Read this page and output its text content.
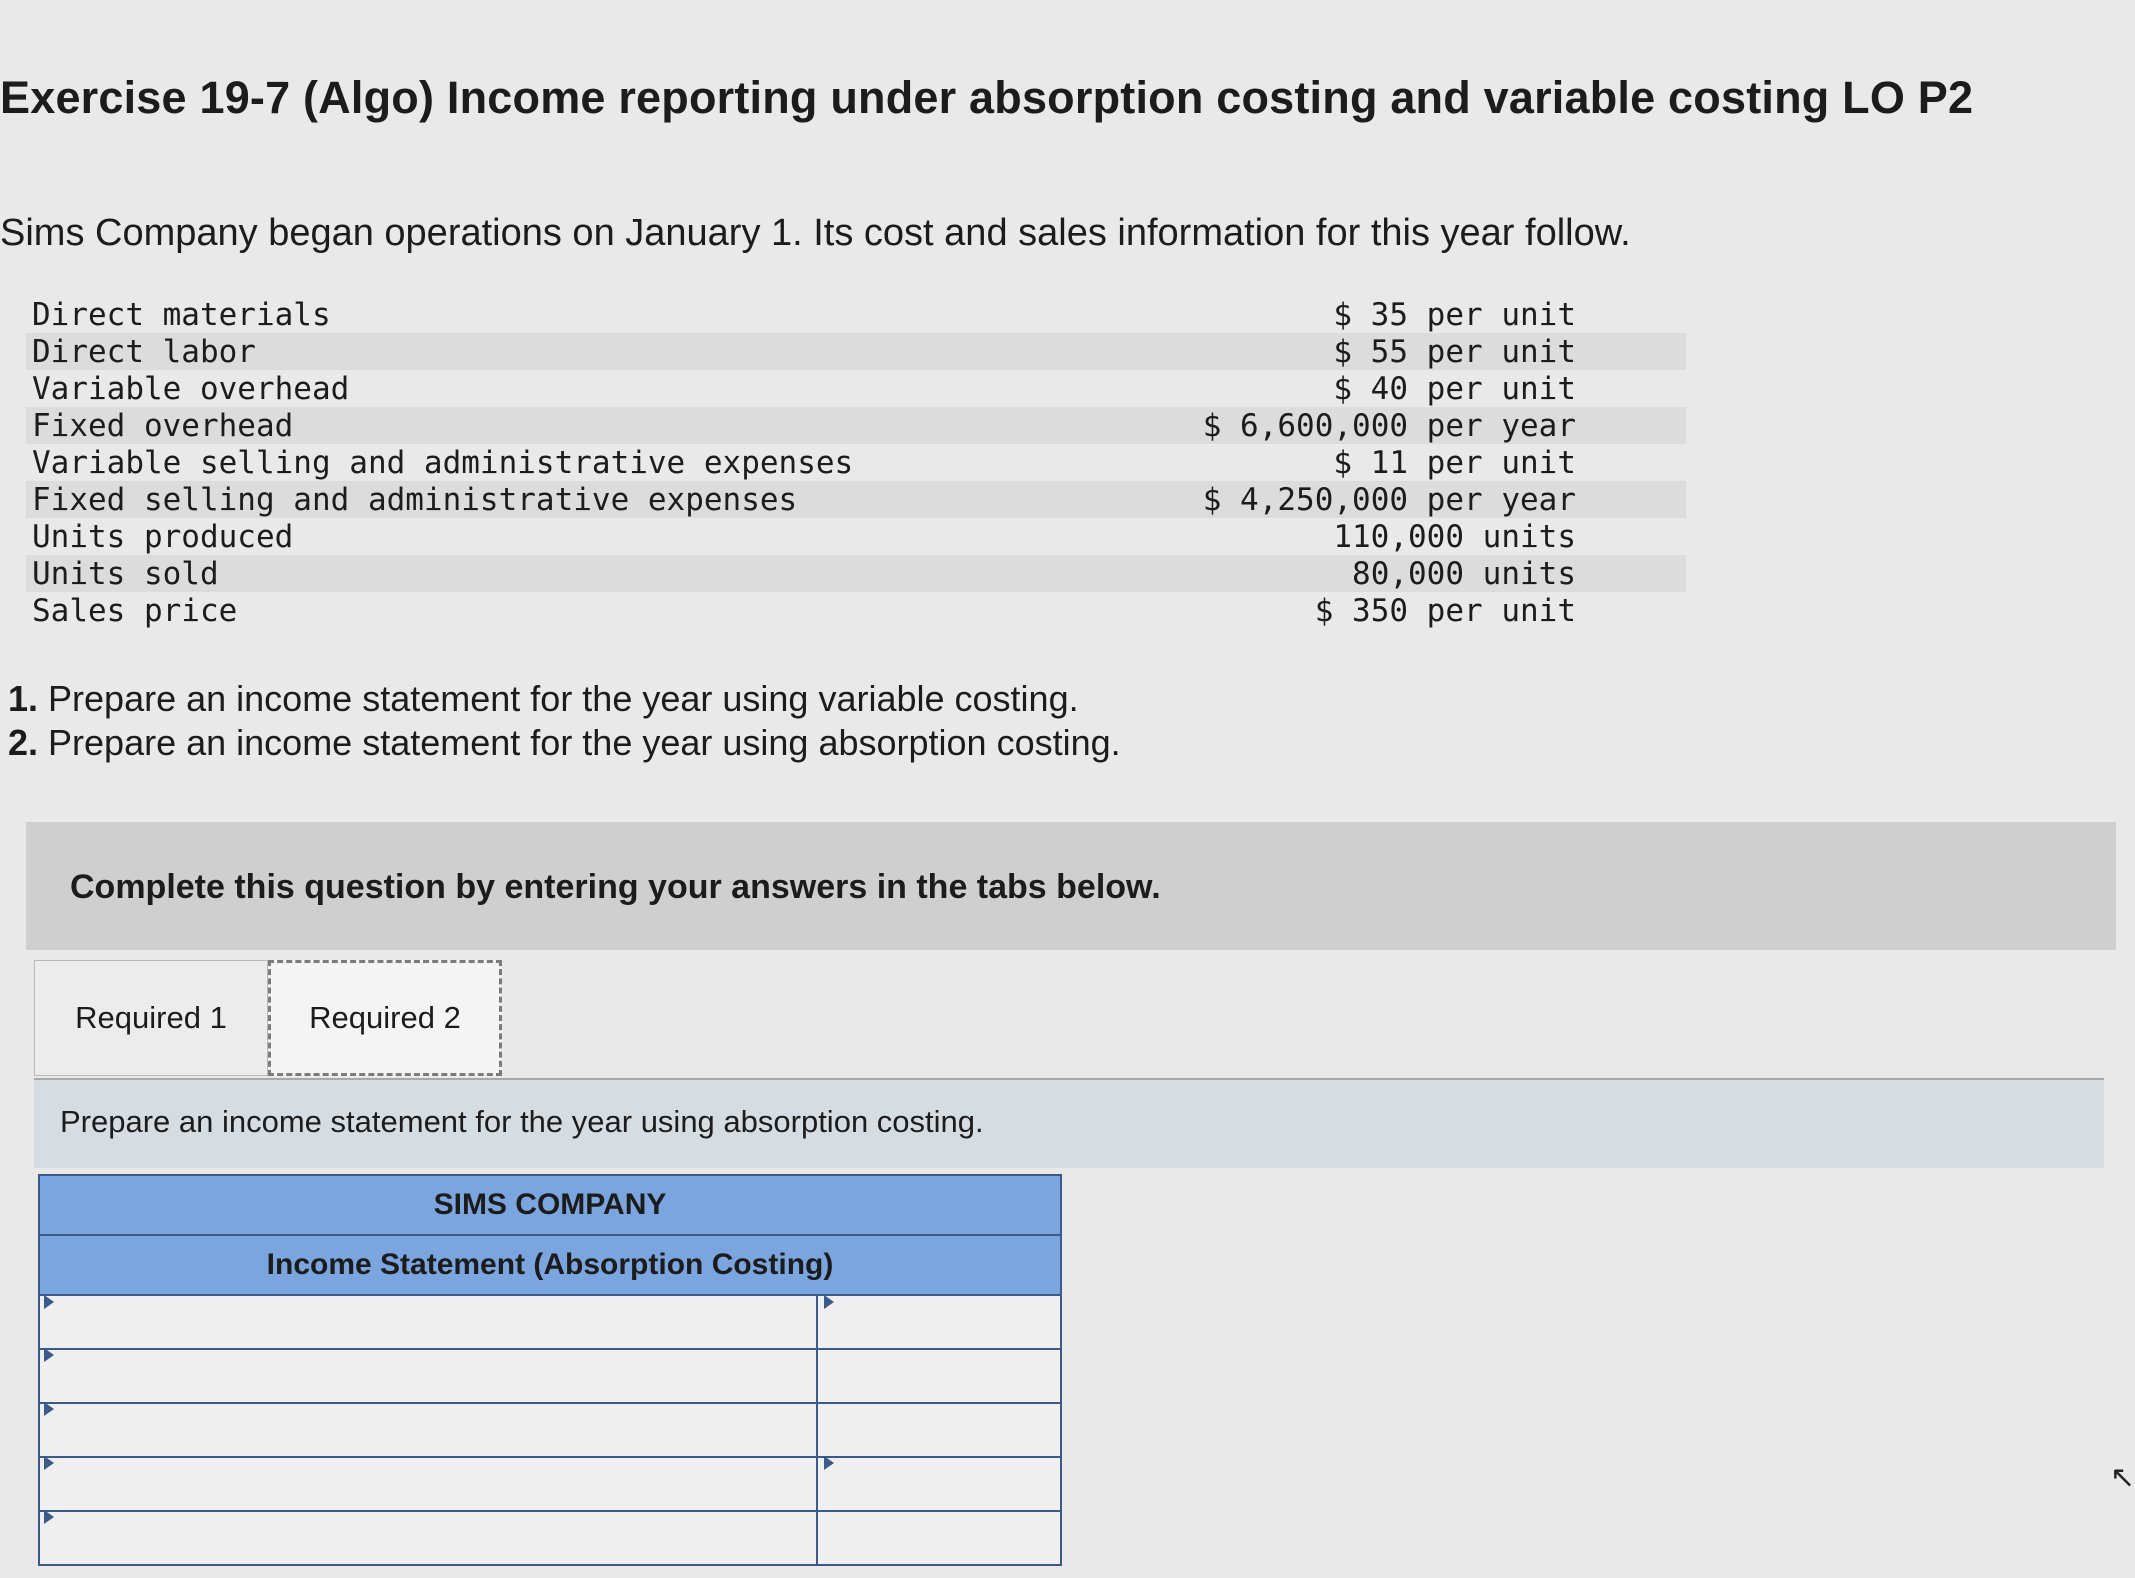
Exercise 19-7 (Algo) Income reporting under absorption costing and variable costing LO P2
Sims Company began operations on January 1. Its cost and sales information for this year follow.
Direct materials	$ 35 per unit
Direct labor	$ 55 per unit
Variable overhead	$ 40 per unit
Fixed overhead	$ 6,600,000 per year
Variable selling and administrative expenses	$ 11 per unit
Fixed selling and administrative expenses	$ 4,250,000 per year
Units produced	110,000 units
Units sold	80,000 units
Sales price	$ 350 per unit
1. Prepare an income statement for the year using variable costing.
2. Prepare an income statement for the year using absorption costing.
Complete this question by entering your answers in the tabs below.
Required 1	Required 2
Prepare an income statement for the year using absorption costing.
SIMS COMPANY	
Income Statement (Absorption Costing)	

↖
